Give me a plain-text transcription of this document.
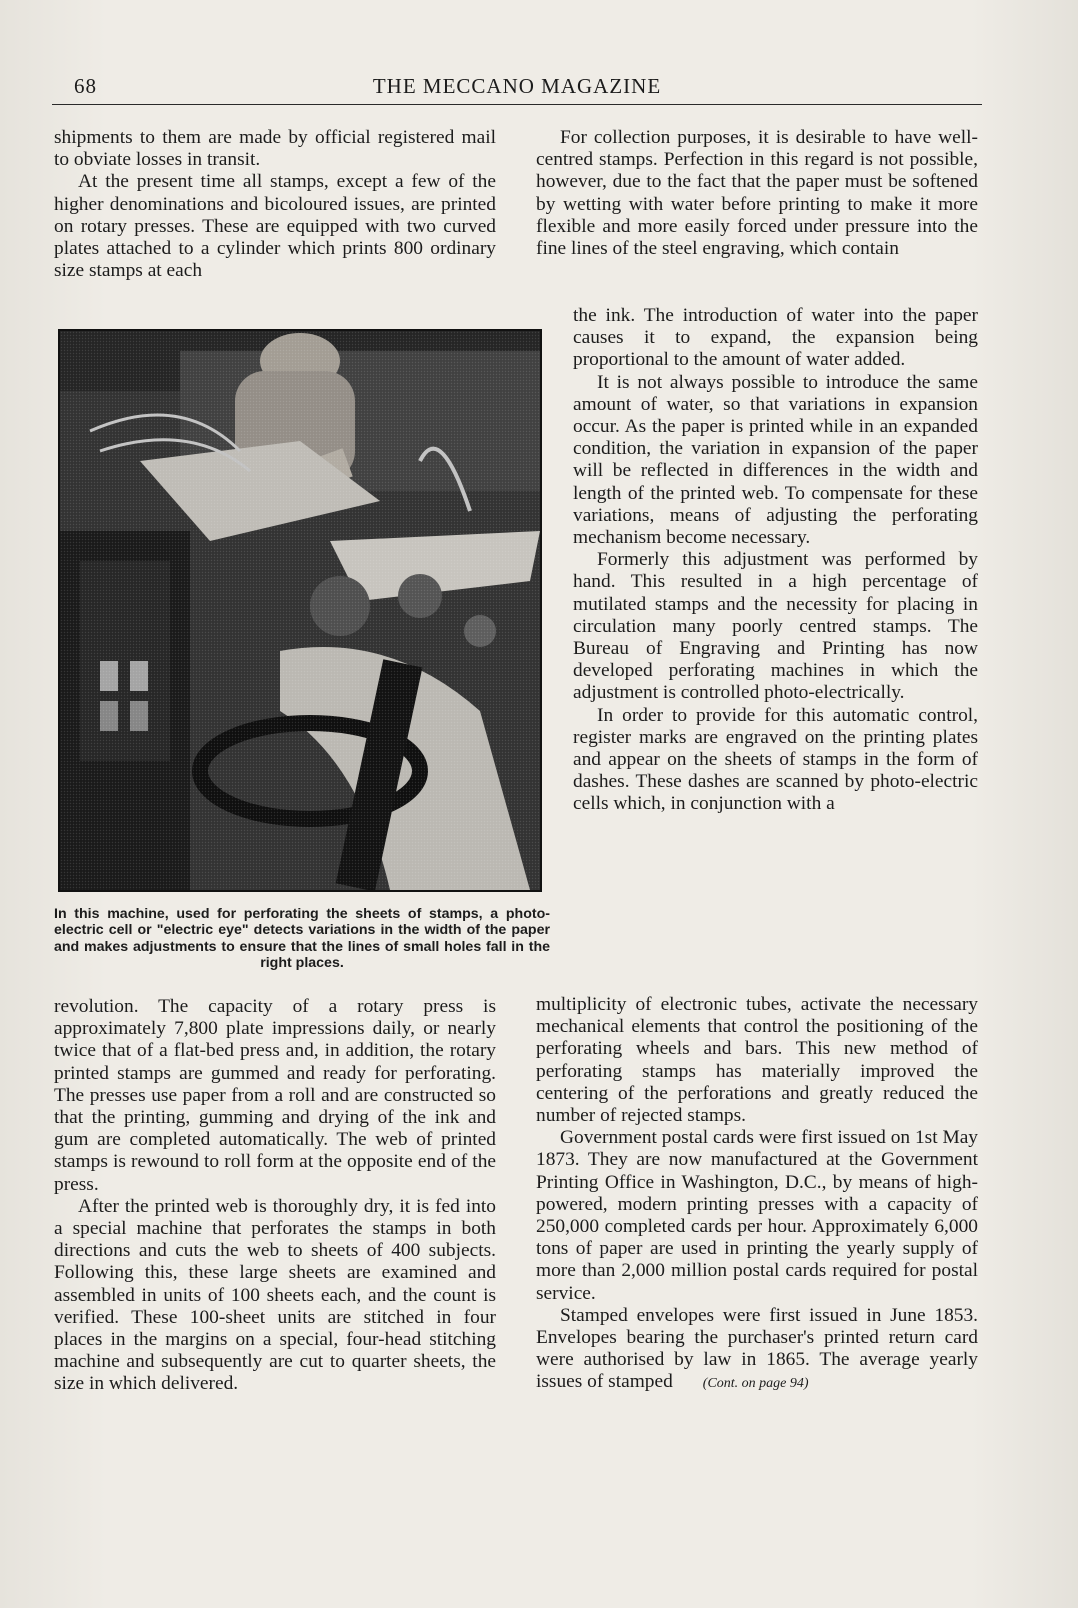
68	THE MECCANO MAGAZINE

shipments to them are made by official registered mail to obviate losses in transit.

At the present time all stamps, except a few of the higher denominations and bicoloured issues, are printed on rotary presses. These are equipped with two curved plates attached to a cylinder which prints 800 ordinary size stamps at each

In this machine, used for perforating the sheets of stamps, a photo-electric cell or "electric eye" detects variations in the width of the paper and makes adjustments to ensure that the lines of small holes fall in the right places.

revolution. The capacity of a rotary press is approximately 7,800 plate impressions daily, or nearly twice that of a flat-bed press and, in addition, the rotary printed stamps are gummed and ready for perforating. The presses use paper from a roll and are constructed so that the printing, gumming and drying of the ink and gum are completed automatically. The web of printed stamps is rewound to roll form at the opposite end of the press.

After the printed web is thoroughly dry, it is fed into a special machine that perforates the stamps in both directions and cuts the web to sheets of 400 subjects. Following this, these large sheets are examined and assembled in units of 100 sheets each, and the count is verified. These 100-sheet units are stitched in four places in the margins on a special, four-head stitching machine and subsequently are cut to quarter sheets, the size in which delivered.

For collection purposes, it is desirable to have well-centred stamps. Perfection in this regard is not possible, however, due to the fact that the paper must be softened by wetting with water before printing to make it more flexible and more easily forced under pressure into the fine lines of the steel engraving, which contain

the ink. The introduction of water into the paper causes it to expand, the expansion being proportional to the amount of water added.

It is not always possible to introduce the same amount of water, so that variations in expansion occur. As the paper is printed while in an expanded condition, the variation in expansion of the paper will be reflected in differences in the width and length of the printed web. To compensate for these variations, means of adjusting the perforating mechanism become necessary.

Formerly this adjustment was performed by hand. This resulted in a high percentage of mutilated stamps and the necessity for placing in circulation many poorly centred stamps. The Bureau of Engraving and Printing has now developed perforating machines in which the adjustment is controlled photo-electrically.

In order to provide for this automatic control, register marks are engraved on the printing plates and appear on the sheets of stamps in the form of dashes. These dashes are scanned by photo-electric cells which, in conjunction with a

multiplicity of electronic tubes, activate the necessary mechanical elements that control the positioning of the perforating wheels and bars. This new method of perforating stamps has materially improved the centering of the perforations and greatly reduced the number of rejected stamps.

Government postal cards were first issued on 1st May 1873. They are now manufactured at the Government Printing Office in Washington, D.C., by means of high-powered, modern printing presses with a capacity of 250,000 completed cards per hour. Approximately 6,000 tons of paper are used in printing the yearly supply of more than 2,000 million postal cards required for postal service.

Stamped envelopes were first issued in June 1853. Envelopes bearing the purchaser's printed return card were authorised by law in 1865. The average yearly issues of stamped (Cont. on page 94)
